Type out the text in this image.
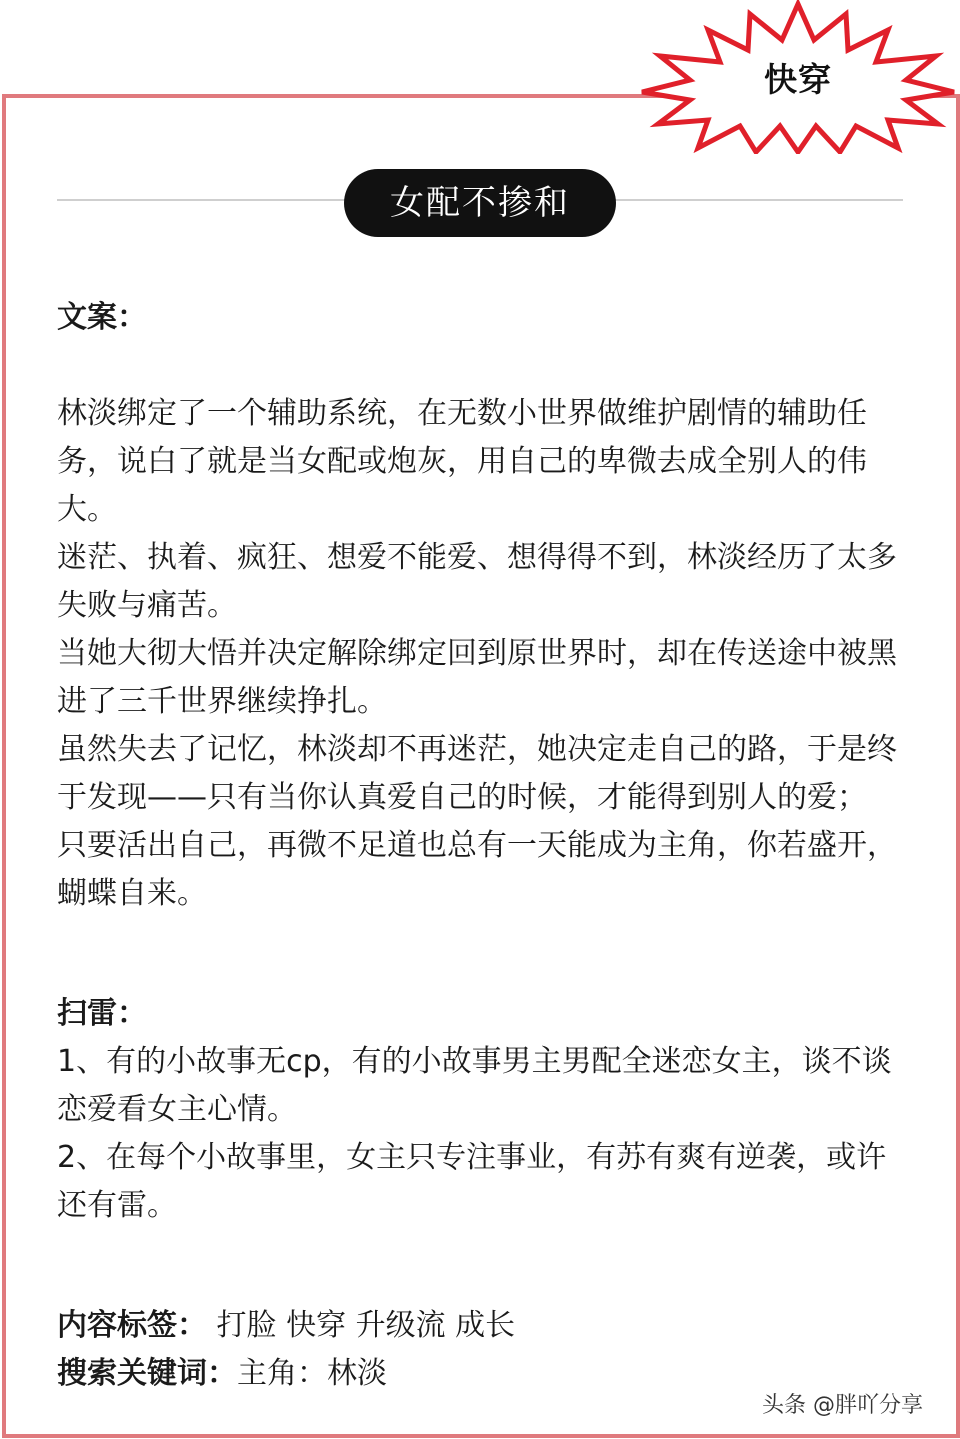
快穿
女配不掺和

文案：

林淡绑定了一个辅助系统，在无数小世界做维护剧情的辅助任务，说白了就是当女配或炮灰，用自己的卑微去成全别人的伟大。

迷茫、执着、疯狂、想爱不能爱、想得得不到，林淡经历了太多失败与痛苦。

当她大彻大悟并决定解除绑定回到原世界时，却在传送途中被黑进了三千世界继续挣扎。

虽然失去了记忆，林淡却不再迷茫，她决定走自己的路，于是终于发现——只有当你认真爱自己的时候，才能得到别人的爱；

只要活出自己，再微不足道也总有一天能成为主角，你若盛开，蝴蝶自来。

扫雷：

1、有的小故事无cp，有的小故事男主男配全迷恋女主，谈不谈恋爱看女主心情。

2、在每个小故事里，女主只专注事业，有苏有爽有逆袭，或许还有雷。

内容标签： 打脸 快穿 升级流 成长

搜索关键词：主角：林淡

头条 @胖吖分享
